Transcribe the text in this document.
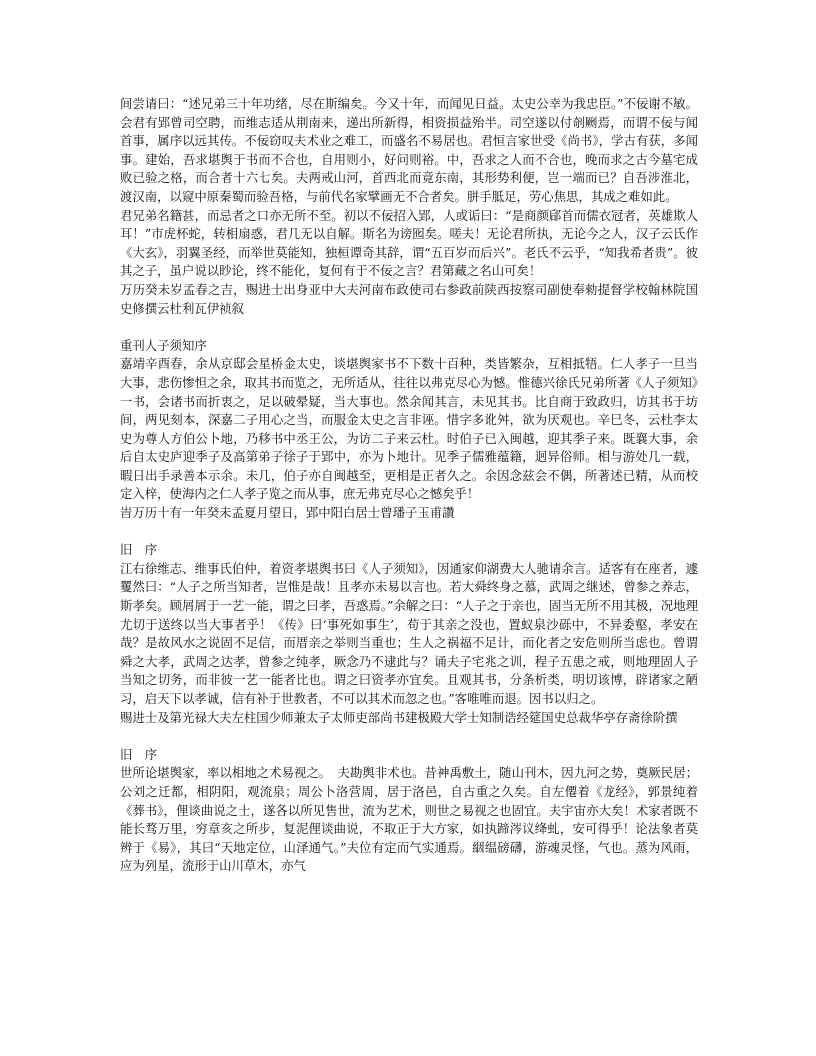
间尝请曰：“述兄弟三十年功绪，尽在斯编矣。今又十年，而闻见日益。太史公幸为我忠臣。”不佞谢不敏。会君有郢曾司空聘，而维志适从荆南来，递出所新得，相资损益殆半。司空遂以付剞劂焉，而谓不佞与闻首事，属序以远其传。不佞窃叹夫术业之难工，而盛名不易居也。君恒言家世受《尚书》，学古有获，多闻事。建始，吾求堪舆于书而不合也，自用则小，好问则裕。中，吾求之人而不合也，晚而求之古今墓宅成败已验之格，而合者十六七矣。夫两戒山河，首西北而竟东南，其形势利便，岂一端而已？自吾涉淮北，渡汉南，以窥中原秦蜀而验吾格，与前代名家擘画无不合者矣。胼手胝足，劳心焦思，其成之难如此。

君兄弟名籍甚，而忌者之口亦无所不至。初以不佞招入郢，人或诟曰：“是商颜郈首而儒衣冠者，英雄欺人耳！”市虎杯蛇，转相扇惑，君几无以自解。斯名为谤囮矣。嗟夫！无论君所执，无论今之人，汉子云氏作《大玄》，羽翼圣经，而举世莫能知，独桓谭奇其辞，谓“五百岁而后兴”。老氏不云乎，“知我希者贵”。彼其之子，虽户说以眇论，终不能化，复何有于不佞之言？君第藏之名山可矣！

万历癸未岁孟春之吉，赐进士出身亚中大夫河南布政使司右参政前陕西按察司副使奉勑提督学校翰林院国史修撰云杜利瓦伊祯叙

重刊人子须知序

嘉靖辛酉春，余从京邸会星桥金太史，谈堪舆家书不下数十百种，类皆繁杂，互相抵牾。仁人孝子一旦当大事，悲伤惨怛之余，取其书而览之，无所适从，往往以弗克尽心为憾。惟德兴徐氏兄弟所著《人子须知》一书，会诸书而折衷之，足以破晕疑，当大事也。然余闻其言，未见其书。比自商于致政归，访其书于坊间，两见刻本，深嘉二子用心之当，而服金太史之言非诬。惜字多讹舛，欲为厌观也。辛巳冬，云杜李太史为尊人方伯公卜地，乃移书中丞王公，为访二子来云杜。时伯子已入闽越，迎其季子来。既襄大事，余后自太史庐迎季子及高第弟子徐子于郢中，亦为卜地计。见季子儒雅蕴籍，迥异俗师。相与游处几一载，暇日出手录善本示余。未几，伯子亦自闽越至，更相是正者久之。余因念兹会不偶，所著述已精，从而校定入梓，使海内之仁人孝子览之而从事，庶无弗克尽心之憾矣乎！

旹万历十有一年癸未孟夏月望日，郢中阳白居士曾璠子玉甫讚

旧　序

江右徐维志、维事氏伯仲，着资孝堪舆书曰《人子须知》，因通家仰湖费大人驰请余言。适客有在座者，遽矍然曰：“人子之所当知者，岂惟是哉！且孝亦未易以言也。若大舜终身之慕，武周之继述，曾参之养志，斯孝矣。顾屑屑于一艺一能，谓之曰孝，吾惑焉。”余解之曰：“人子之于亲也，固当无所不用其极，况地理尤切于送终以当大事者乎！《传》曰‘事死如事生’，苟于其亲之没也，置蚁泉沙砾中，不异委壑，孝安在哉？是故风水之说固不足信，而厝亲之举则当重也；生人之祸福不足计，而化者之安危则所当虑也。曾谓舜之大孝，武周之达孝，曾参之纯孝，厥念乃不逮此与？诵夫子宅兆之训，程子五患之戒，则地理固人子当知之切务，而非彼一艺一能者比也。谓之曰资孝亦宜矣。且观其书，分条析类，明切该博，辟诸家之陋习，启天下以孝诚，信有补于世教者，不可以其术而忽之也。”客唯唯而退。因书以归之。

赐进士及第光禄大夫左柱国少师兼太子太师吏部尚书建极殿大学士知制诰经筵国史总裁华亭存斋徐阶撰

旧　序

世所论堪舆家，率以相地之术易视之。　夫勘舆非术也。昔神禹敷土，随山刊木，因九河之势，奠厥民居；公刘之迁都，相阴阳，观流泉；周公卜洛营周，居于洛邑，自古重之久矣。自左僊着《龙经》，郭景纯着《葬书》，俚谈曲说之士，遂各以所见售世，流为艺术，则世之易视之也固宜。夫宇宙亦大矣！术家者既不能长骛万里，穷章亥之所步，复泥俚谈曲说，不取正于大方家，如执蹄涔议绛虬，安可得乎！论法象者莫辨于《易》，其曰“天地定位，山泽通气。”夫位有定而气实通焉。絪缊磅礴，游魂灵怪，气也。蒸为风雨，应为列星，流形于山川草木，亦气
